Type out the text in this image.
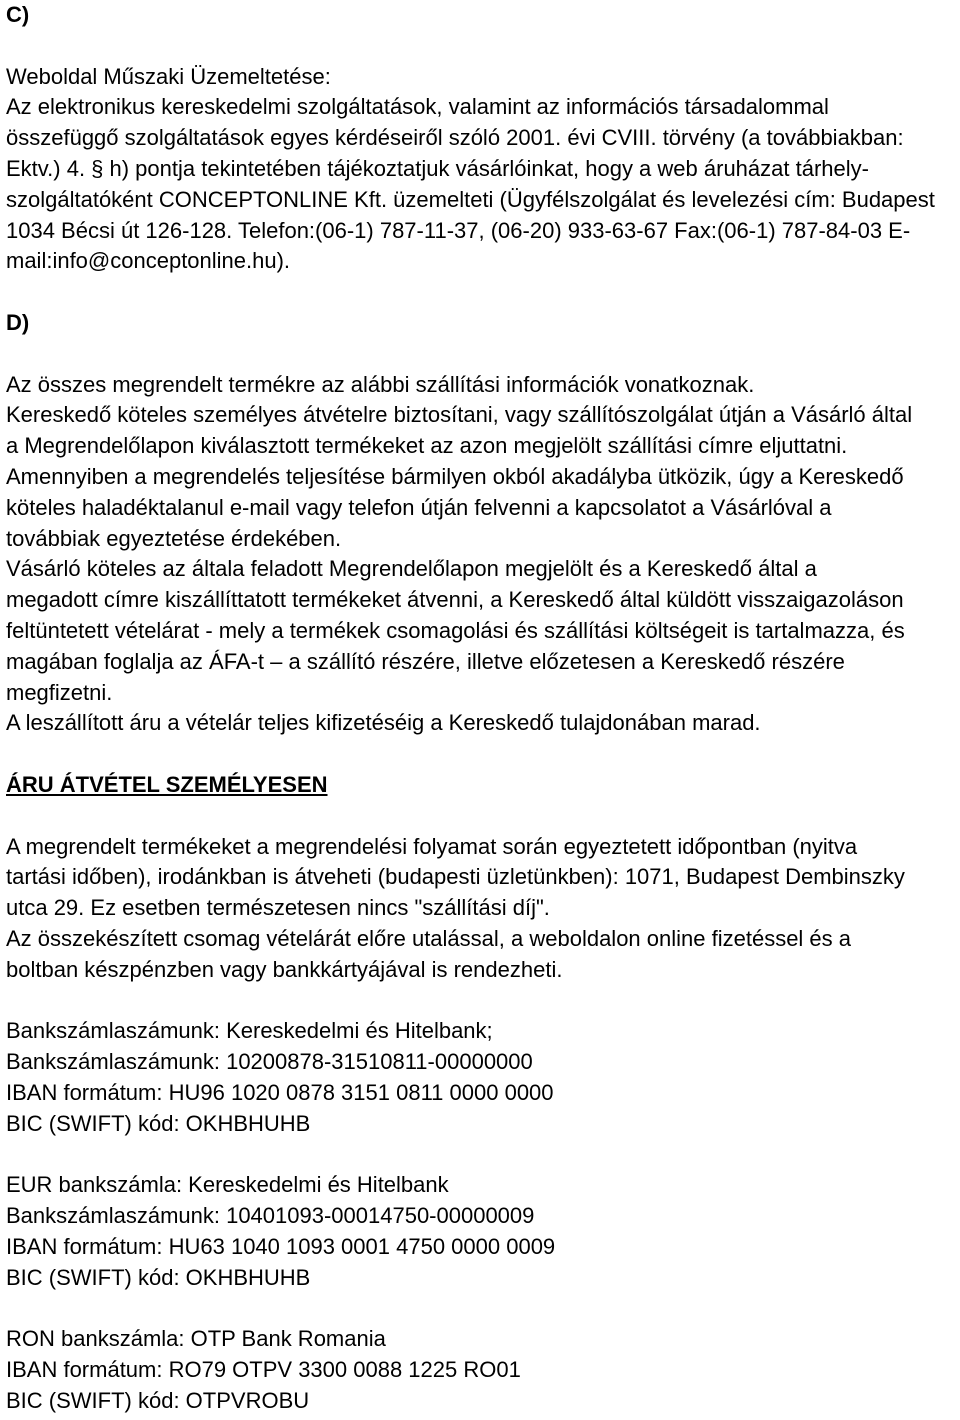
C)
Weboldal Műszaki Üzemeltetése:
Az elektronikus kereskedelmi szolgáltatások, valamint az információs társadalommal
összefüggő szolgáltatások egyes kérdéseiről szóló 2001. évi CVIII. törvény (a továbbiakban:
Ektv.) 4. § h) pontja tekintetében tájékoztatjuk vásárlóinkat, hogy a web áruházat tárhely-
szolgáltatóként CONCEPTONLINE Kft. üzemelteti (Ügyfélszolgálat és levelezési cím: Budapest
1034 Bécsi út 126-128. Telefon:(06-1) 787-11-37, (06-20) 933-63-67 Fax:(06-1) 787-84-03 E-
mail:info@conceptonline.hu).
D)
Az összes megrendelt termékre az alábbi szállítási információk vonatkoznak.
Kereskedő köteles személyes átvételre biztosítani, vagy szállítószolgálat útján a Vásárló által
a Megrendelőlapon kiválasztott termékeket az azon megjelölt szállítási címre eljuttatni.
Amennyiben a megrendelés teljesítése bármilyen okból akadályba ütközik, úgy a Kereskedő
köteles haladéktalanul e-mail vagy telefon útján felvenni a kapcsolatot a Vásárlóval a
továbbiak egyeztetése érdekében.
Vásárló köteles az általa feladott Megrendelőlapon megjelölt és a Kereskedő által a
megadott címre kiszállíttatott termékeket átvenni, a Kereskedő által küldött visszaigazoláson
feltüntetett vételárat - mely a termékek csomagolási és szállítási költségeit is tartalmazza, és
magában foglalja az ÁFA-t – a szállító részére, illetve előzetesen a Kereskedő részére
megfizetni.
A leszállított áru a vételár teljes kifizetéséig a Kereskedő tulajdonában marad.
ÁRU ÁTVÉTEL SZEMÉLYESEN
A megrendelt termékeket a megrendelési folyamat során egyeztetett időpontban (nyitva
tartási időben), irodánkban is átveheti (budapesti üzletünkben): 1071, Budapest Dembinszky
utca 29. Ez esetben természetesen nincs "szállítási díj".
Az összekészített csomag vételárát előre utalással, a weboldalon online fizetéssel és a
boltban készpénzben vagy bankkártyájával is rendezheti.
Bankszámlaszámunk: Kereskedelmi és Hitelbank;
Bankszámlaszámunk: 10200878-31510811-00000000
IBAN formátum: HU96 1020 0878 3151 0811 0000 0000
BIC (SWIFT) kód: OKHBHUHB
EUR bankszámla: Kereskedelmi és Hitelbank
Bankszámlaszámunk: 10401093-00014750-00000009
IBAN formátum: HU63 1040 1093 0001 4750 0000 0009
BIC (SWIFT) kód: OKHBHUHB
RON bankszámla: OTP Bank Romania
IBAN formátum: RO79 OTPV 3300 0088 1225 RO01
BIC (SWIFT) kód: OTPVROBU
